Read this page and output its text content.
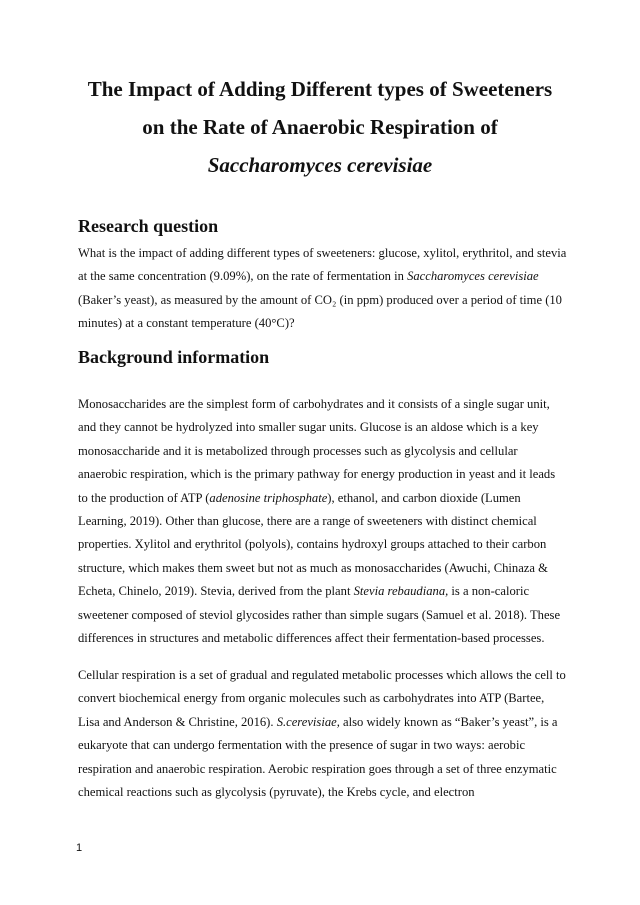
The Impact of Adding Different types of Sweeteners
on the Rate of Anaerobic Respiration of
Saccharomyces cerevisiae
Research question
What is the impact of adding different types of sweeteners: glucose, xylitol, erythritol, and stevia at the same concentration (9.09%), on the rate of fermentation in Saccharomyces cerevisiae (Baker’s yeast), as measured by the amount of CO₂ (in ppm) produced over a period of time (10 minutes) at a constant temperature (40°C)?
Background information
Monosaccharides are the simplest form of carbohydrates and it consists of a single sugar unit, and they cannot be hydrolyzed into smaller sugar units. Glucose is an aldose which is a key monosaccharide and it is metabolized through processes such as glycolysis and cellular anaerobic respiration, which is the primary pathway for energy production in yeast and it leads to the production of ATP (adenosine triphosphate), ethanol, and carbon dioxide (Lumen Learning, 2019). Other than glucose, there are a range of sweeteners with distinct chemical properties. Xylitol and erythritol (polyols), contains hydroxyl groups attached to their carbon structure, which makes them sweet but not as much as monosaccharides (Awuchi, Chinaza & Echeta, Chinelo, 2019). Stevia, derived from the plant Stevia rebaudiana, is a non-caloric sweetener composed of steviol glycosides rather than simple sugars (Samuel et al. 2018). These differences in structures and metabolic differences affect their fermentation-based processes.
Cellular respiration is a set of gradual and regulated metabolic processes which allows the cell to convert biochemical energy from organic molecules such as carbohydrates into ATP (Bartee, Lisa and Anderson & Christine, 2016). S.cerevisiae, also widely known as “Baker’s yeast”, is a eukaryote that can undergo fermentation with the presence of sugar in two ways: aerobic respiration and anaerobic respiration. Aerobic respiration goes through a set of three enzymatic chemical reactions such as glycolysis (pyruvate), the Krebs cycle, and electron
1
